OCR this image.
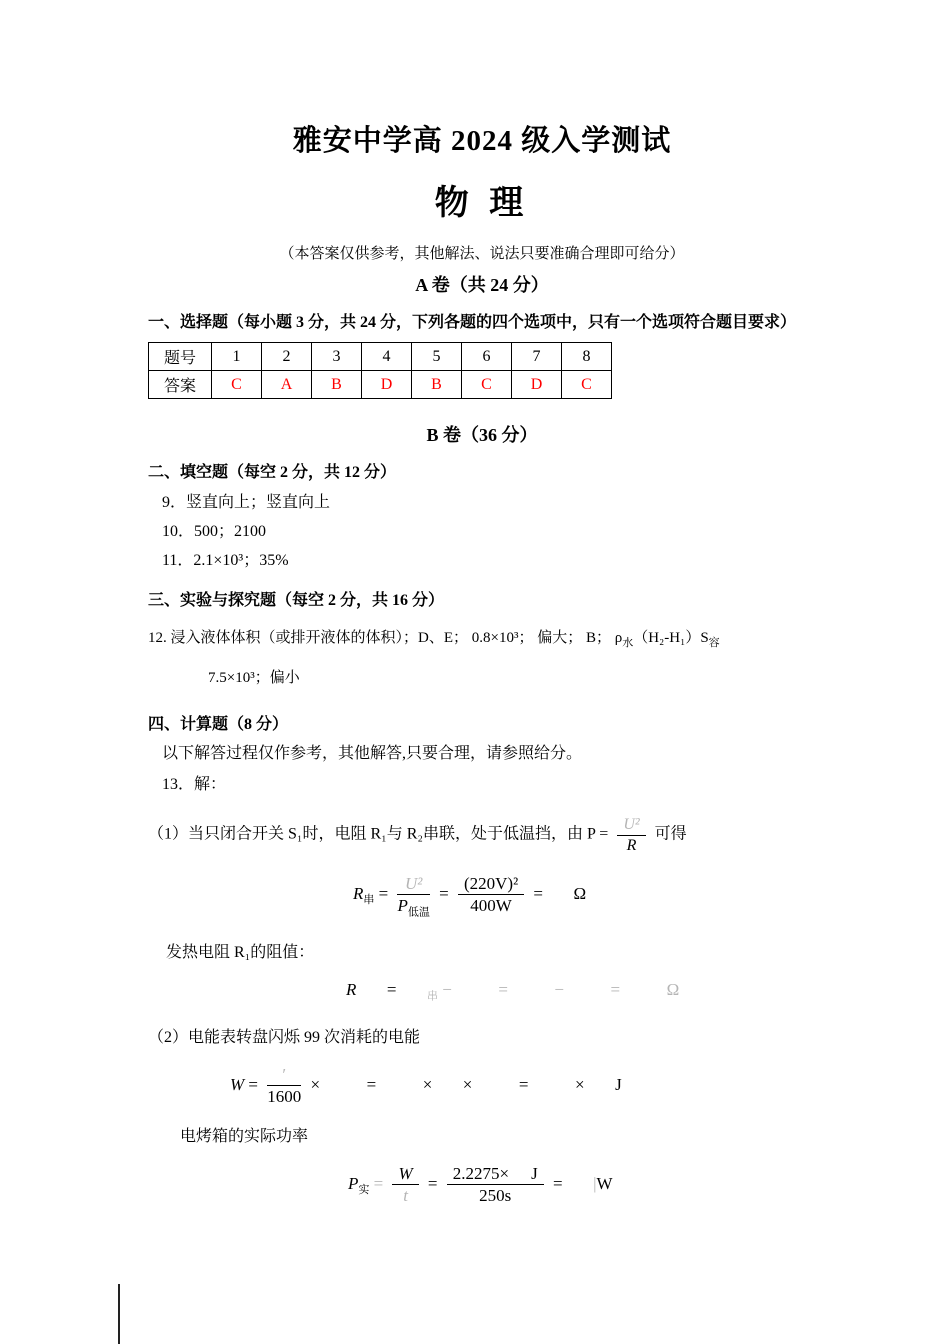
雅安中学高 2024 级入学测试
物 理
（本答案仅供参考，其他解法、说法只要准确合理即可给分）
A 卷（共 24 分）
一、选择题（每小题 3 分，共 24 分，下列各题的四个选项中，只有一个选项符合题目要求）
题号	1	2	3	4	5	6	7	8
答案	C	A	B	D	B	C	D	C
B 卷（36 分）
二、填空题（每空 2 分，共 12 分）
9．竖直向上；竖直向上
10．500；2100
11．2.1×10³；35%
三、实验与探究题（每空 2 分，共 16 分）
12. 浸入液体体积（或排开液体的体积）；D、E； 0.8×10³； 偏大； B； $\rho_水(H_2-H_1)S_容$
7.5×10³；偏小
四、计算题（8 分）
以下解答过程仅作参考，其他解答,只要合理，请参照给分。
13．解：
（1）当只闭合开关 S₁时，电阻 R₁与 R₂串联，处于低温挡，由 $P = \frac{\text{U²}}{R}$ 可得
$R_串 = \frac{\text{U²}}{P_{低温}} = \frac{\text{(220V)²}}{400W} = \Omega$
发热电阻 R₁的阻值：
R =	$_串$ −	=	−	=	Ω
（2）电能表转盘闪烁 99 次消耗的电能
$W = \frac{'}{1600}$ ×	=	× ×	=	× J
电烤箱的实际功率
$P_实 = \frac{W}{t} = \frac{2.2275\times J}{250s} = |W$
